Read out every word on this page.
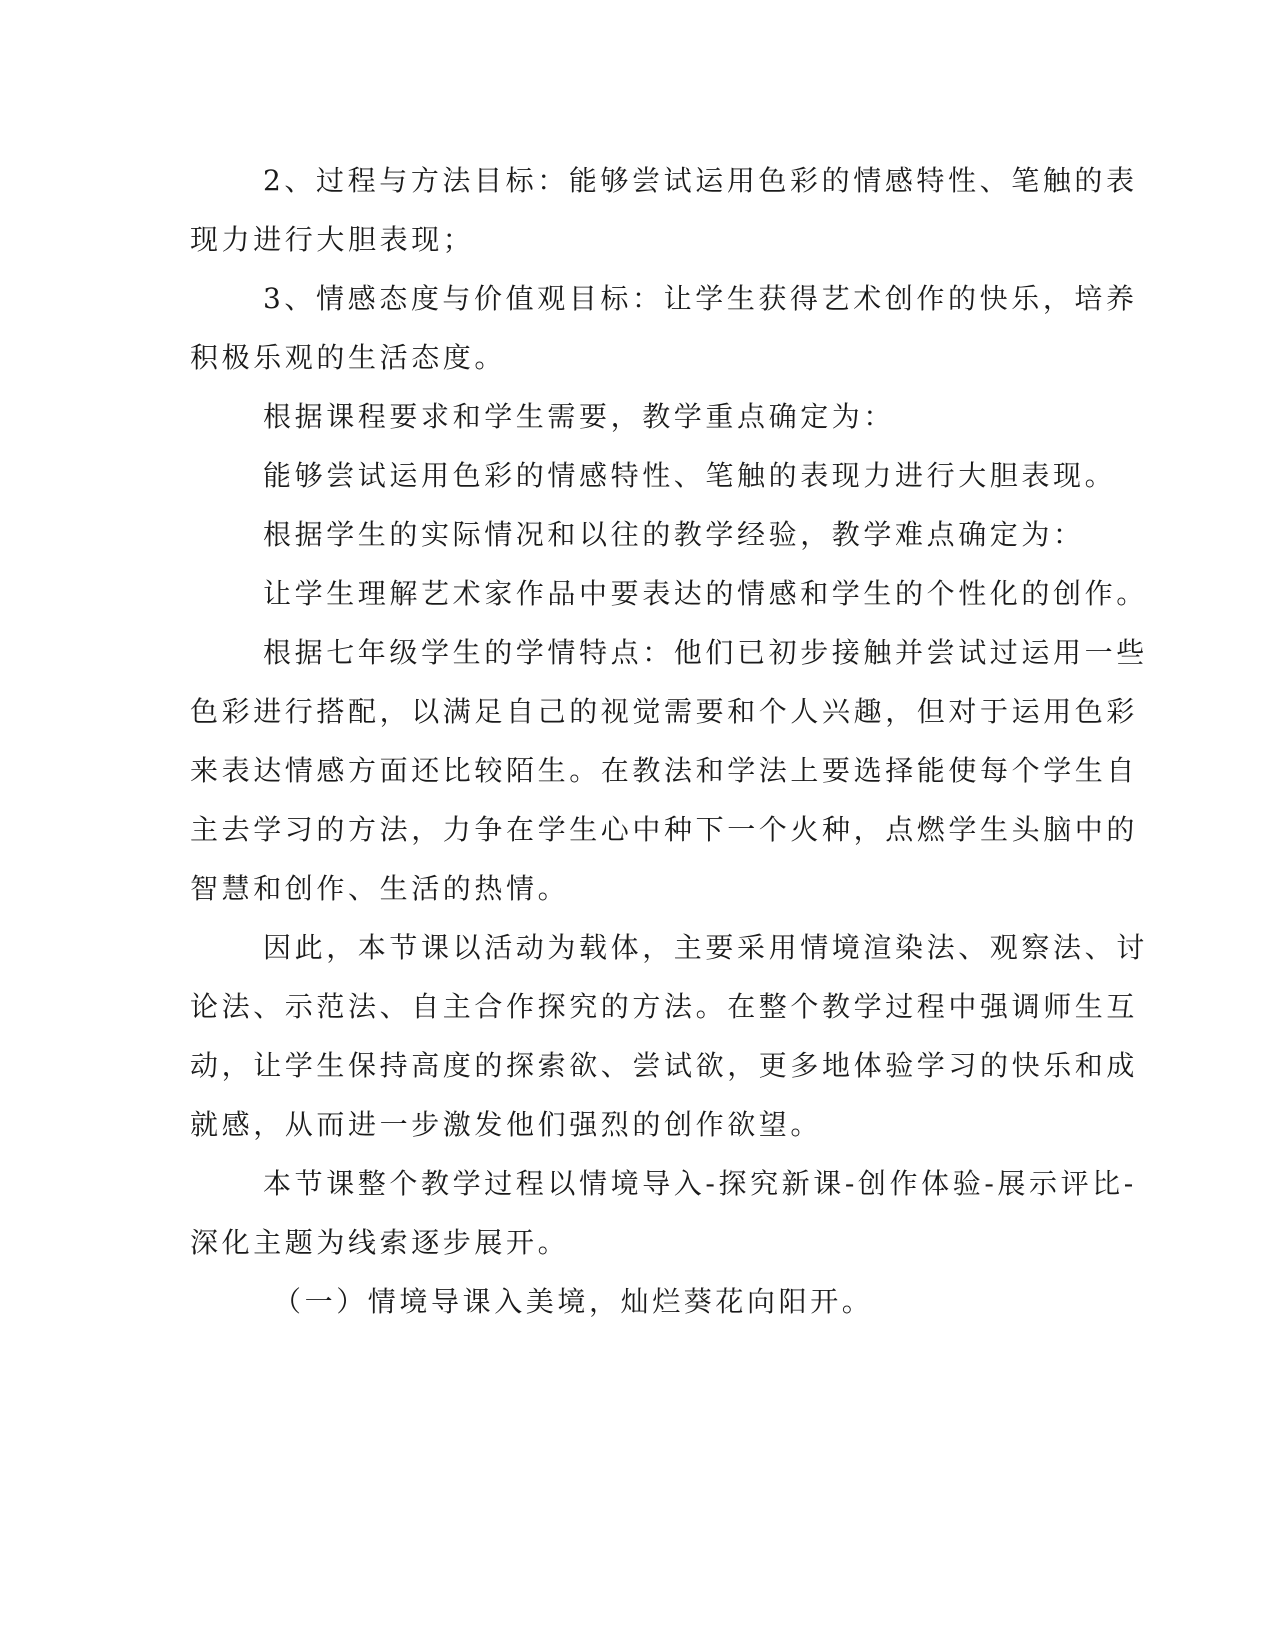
2、过程与方法目标：能够尝试运用色彩的情感特性、笔触的表
现力进行大胆表现；
3、情感态度与价值观目标：让学生获得艺术创作的快乐，培养
积极乐观的生活态度。
根据课程要求和学生需要，教学重点确定为：
能够尝试运用色彩的情感特性、笔触的表现力进行大胆表现。
根据学生的实际情况和以往的教学经验，教学难点确定为：
让学生理解艺术家作品中要表达的情感和学生的个性化的创作。
根据七年级学生的学情特点：他们已初步接触并尝试过运用一些
色彩进行搭配，以满足自己的视觉需要和个人兴趣，但对于运用色彩
来表达情感方面还比较陌生。在教法和学法上要选择能使每个学生自
主去学习的方法，力争在学生心中种下一个火种，点燃学生头脑中的
智慧和创作、生活的热情。
因此，本节课以活动为载体，主要采用情境渲染法、观察法、讨
论法、示范法、自主合作探究的方法。在整个教学过程中强调师生互
动，让学生保持高度的探索欲、尝试欲，更多地体验学习的快乐和成
就感，从而进一步激发他们强烈的创作欲望。
本节课整个教学过程以情境导入-探究新课-创作体验-展示评比-
深化主题为线索逐步展开。
（一）情境导课入美境，灿烂葵花向阳开。
